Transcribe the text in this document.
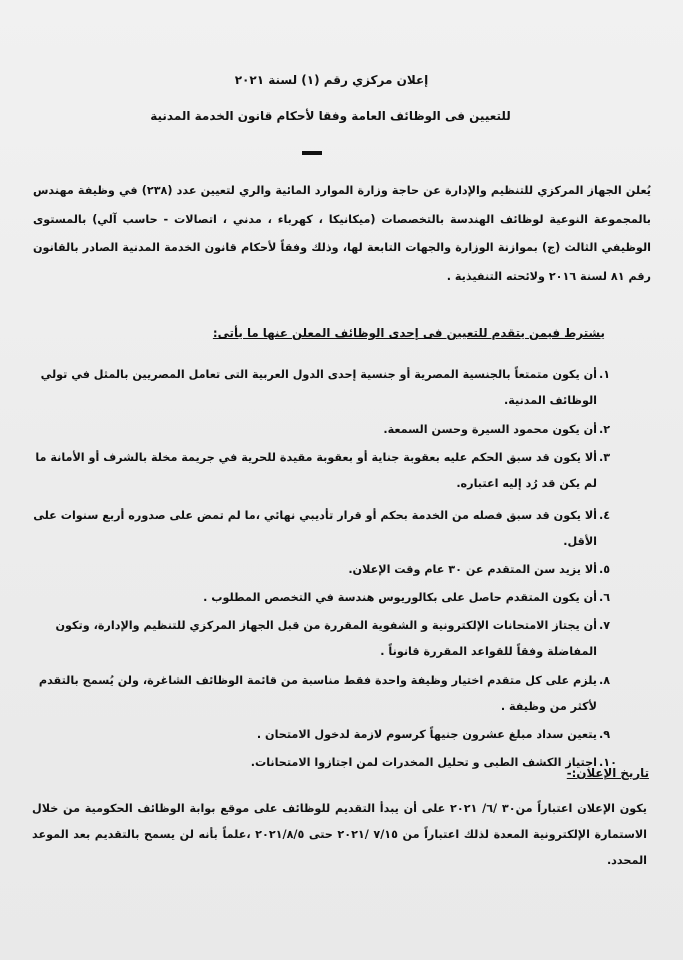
إعلان مركزي رقم (١) لسنة ٢٠٢١
للتعيين فى الوظائف العامة وفقا لأحكام قانون الخدمة المدنية

يُعلن الجهاز المركزي للتنظيم والإدارة عن حاجة وزارة الموارد المائية والري لتعيين عدد (٢٣٨) في وظيفة مهندس بالمجموعة النوعية لوظائف الهندسة بالتخصصات (ميكانيكا ، كهرباء ، مدني ، اتصالات - حاسب آلي) بالمستوى الوظيفي الثالث (ج) بموازنة الوزارة والجهات التابعة لها، وذلك وفقاً لأحكام قانون الخدمة المدنية الصادر بالقانون رقم ٨١ لسنة ٢٠١٦ ولائحته التنفيذية .

يشترط فيمن يتقدم للتعيين فى إحدى الوظائف المعلن عنها ما يأتى:
١.
أن يكون متمتعاً بالجنسية المصرية أو جنسية إحدى الدول العربية التى تعامل المصريين بالمثل في تولي الوظائف المدنية.
٢.
أن يكون محمود السيرة وحسن السمعة.
٣.
ألا يكون قد سبق الحكم عليه بعقوبة جناية أو بعقوبة مقيدة للحرية في جريمة مخلة بالشرف أو الأمانة ما لم يكن قد رُد إليه اعتباره.
٤.
ألا يكون قد سبق فصله من الخدمة بحكم أو قرار تأديبي نهائي ،ما لم تمض على صدوره أربع سنوات على الأقل.
٥.
ألا يزيد سن المتقدم عن ٣٠ عام وقت الإعلان.
٦.
أن يكون المتقدم حاصل على بكالوريوس هندسة في التخصص المطلوب .
٧.
أن يجتاز الامتحانات الإلكترونية و الشفوية المقررة من قبل الجهاز المركزي للتنظيم والإدارة، وتكون المفاضلة وفقاً للقواعد المقررة قانوناً .
٨.
يلزم على كل متقدم اختيار وظيفة واحدة فقط مناسبة من قائمة الوظائف الشاغرة، ولن يُسمح بالتقدم لأكثر من وظيفة .
٩.
يتعين سداد مبلغ عشرون جنيهاً كرسوم لازمة لدخول الامتحان .
١٠.
اجتياز الكشف الطبى و تحليل المخدرات لمن اجتازوا الامتحانات.
تاريخ الإعلان:-

يكون الإعلان اعتباراً من٣٠ /٦/ ٢٠٢١ على أن يبدأ التقديم للوظائف على موقع بوابة الوظائف الحكومية من خلال الاستمارة الإلكترونية المعدة لذلك اعتباراً من ٧/١٥ /٢٠٢١ حتى ٢٠٢١/٨/٥ ،علماً بأنه لن يسمح بالتقديم بعد الموعد المحدد.
